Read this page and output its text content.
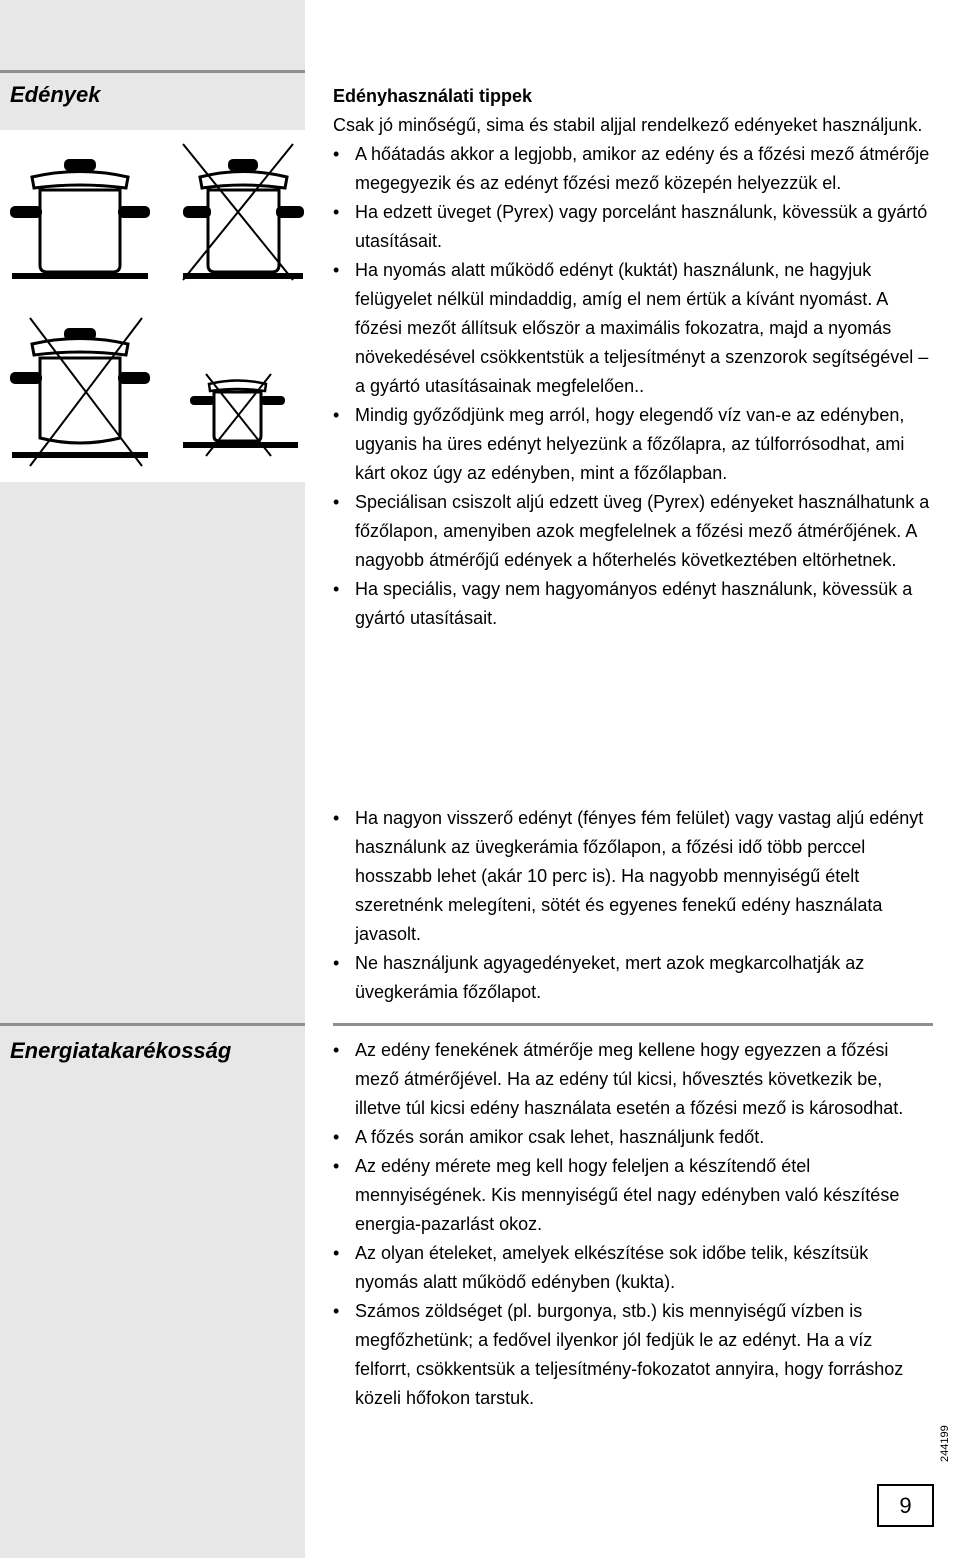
Edények	Edényhasználati tippek
Csak jó minőségű, sima és stabil aljjal rendelkező edényeket használjunk.
• A hőátadás akkor a legjobb, amikor az edény és a főzési mező átmérője megegyezik és az edényt főzési mező közepén helyezzük el.
• Ha edzett üveget (Pyrex) vagy porcelánt használunk, kövessük a gyártó utasításait.
• Ha nyomás alatt működő edényt (kuktát) használunk, ne hagyjuk felügyelet nélkül mindaddig, amíg el nem értük a kívánt nyomást. A főzési mezőt állítsuk először a maximális fokozatra, majd a nyomás növekedésével csökkentstük a teljesítményt a szenzorok segítségével – a gyártó utasításainak megfelelően..
• Mindig győződjünk meg arról, hogy elegendő víz van-e az edényben, ugyanis ha üres edényt helyezünk a főzőlapra, az túlforrósodhat, ami kárt okoz úgy az edényben, mint a főzőlapban.
• Speciálisan csiszolt aljú edzett üveg (Pyrex) edényeket használhatunk a főzőlapon, amenyiben azok megfelelnek a főzési mező átmérőjének. A nagyobb átmérőjű edények a hőterhelés következtében eltörhetnek.
• Ha speciális, vagy nem hagyományos edényt használunk, kövessük a gyártó utasításait.
• Ha nagyon visszerő edényt (fényes fém felület) vagy vastag aljú edényt használunk az üvegkerámia főzőlapon, a főzési idő több perccel hosszabb lehet (akár 10 perc is). Ha nagyobb mennyiségű ételt szeretnénk melegíteni, sötét és egyenes fenekű edény használata javasolt.
• Ne használjunk agyagedényeket, mert azok megkarcolhatják az üvegkerámia főzőlapot.
Energiatakarékosság
•	Az edény fenekének átmérője meg kellene hogy egyezzen a főzési mező átmérőjével. Ha az edény túl kicsi, hővesztés következik be, illetve túl kicsi edény használata esetén a főzési mező is károsodhat.
• A főzés során amikor csak lehet, használjunk fedőt.
• Az edény mérete meg kell hogy feleljen a készítendő étel mennyiségének. Kis mennyiségű étel nagy edényben való készítése energia-pazarlást okoz.
• Az olyan ételeket, amelyek elkészítése sok időbe telik, készítsük nyomás alatt működő edényben (kukta).
• Számos zöldséget (pl. burgonya, stb.) kis mennyiségű vízben is megfőzhetünk; a fedővel ilyenkor jól fedjük le az edényt. Ha a víz felforrt, csökkentsük a teljesítmény-fokozatot annyira, hogy forráshoz közeli hőfokon tarstuk.
244199
9
